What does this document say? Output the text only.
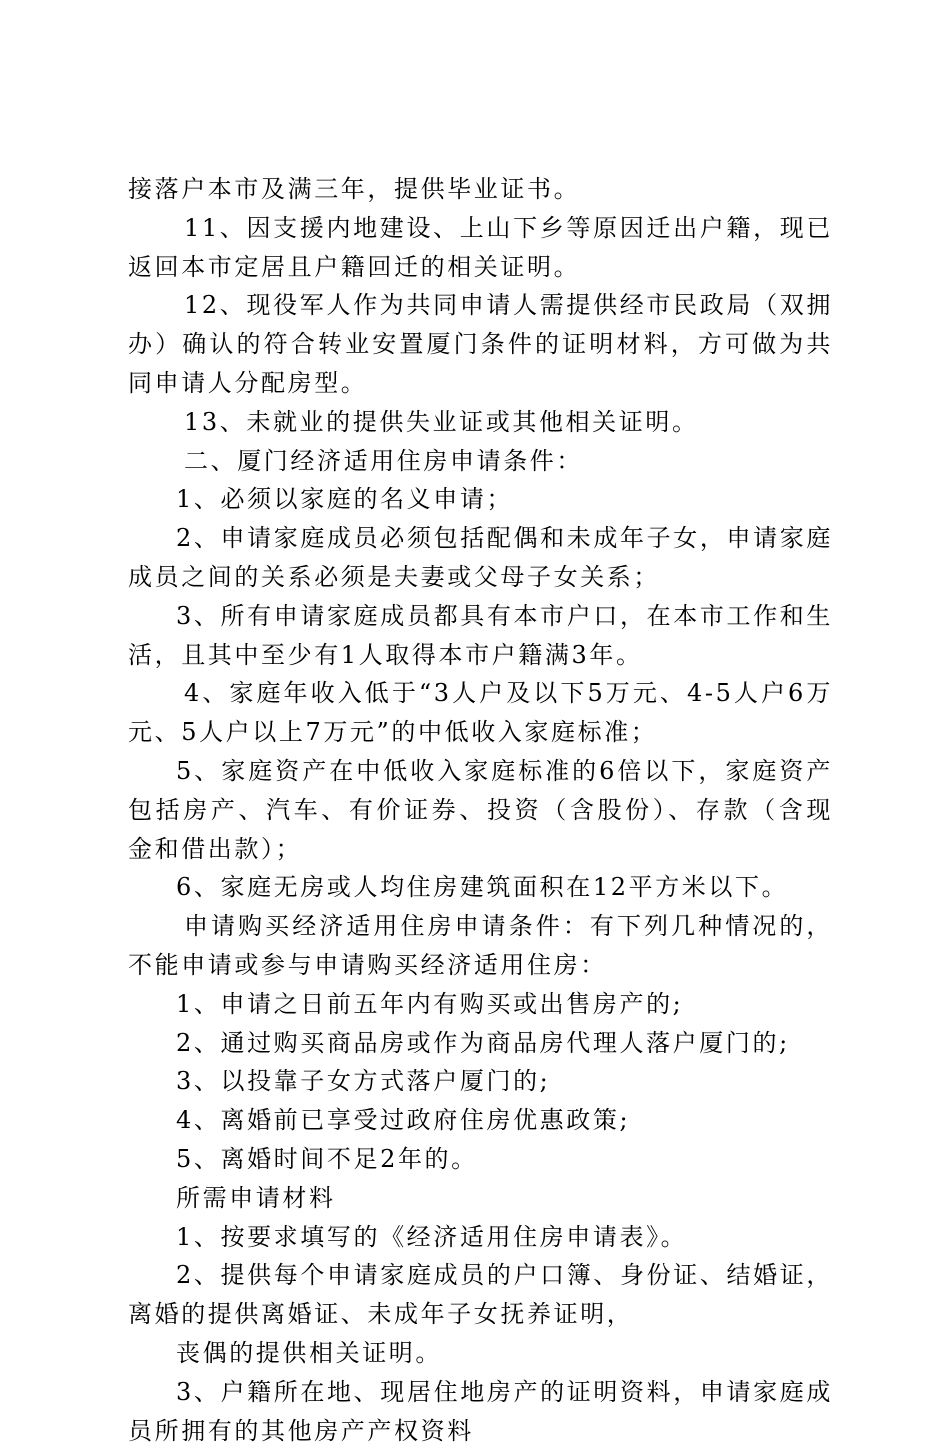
接落户本市及满三年，提供毕业证书。

11、因支援内地建设、上山下乡等原因迁出户籍，现已返回本市定居且户籍回迁的相关证明。

12、现役军人作为共同申请人需提供经市民政局（双拥办）确认的符合转业安置厦门条件的证明材料，方可做为共同申请人分配房型。

13、未就业的提供失业证或其他相关证明。

二、厦门经济适用住房申请条件：

1、必须以家庭的名义申请；

2、申请家庭成员必须包括配偶和未成年子女，申请家庭成员之间的关系必须是夫妻或父母子女关系；

3、所有申请家庭成员都具有本市户口，在本市工作和生活，且其中至少有1人取得本市户籍满3年。

4、家庭年收入低于“3人户及以下5万元、4-5人户6万元、5人户以上7万元”的中低收入家庭标准；

5、家庭资产在中低收入家庭标准的6倍以下，家庭资产包括房产、汽车、有价证券、投资（含股份）、存款（含现金和借出款）；

6、家庭无房或人均住房建筑面积在12平方米以下。

申请购买经济适用住房申请条件：有下列几种情况的，不能申请或参与申请购买经济适用住房：

1、申请之日前五年内有购买或出售房产的;

2、通过购买商品房或作为商品房代理人落户厦门的;

3、以投靠子女方式落户厦门的;

4、离婚前已享受过政府住房优惠政策;

5、离婚时间不足2年的。

所需申请材料

1、按要求填写的《经济适用住房申请表》。

2、提供每个申请家庭成员的户口簿、身份证、结婚证，离婚的提供离婚证、未成年子女抚养证明，

丧偶的提供相关证明。

3、户籍所在地、现居住地房产的证明资料，申请家庭成员所拥有的其他房产产权资料
